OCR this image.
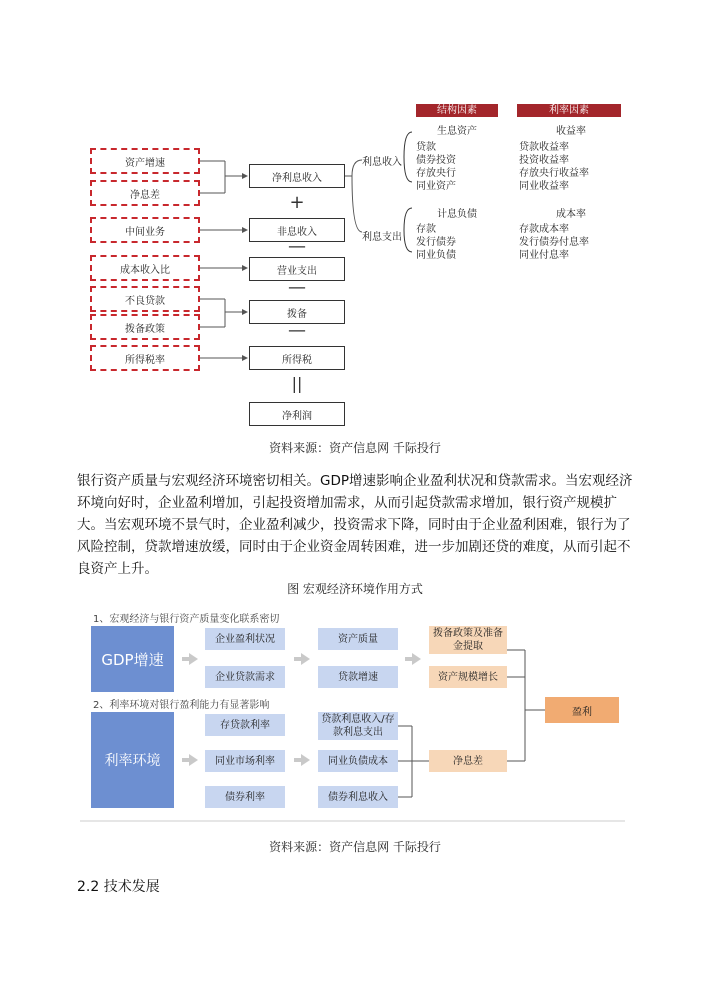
资产增速
净息差
中间业务
成本收入比
不良贷款
拨备政策
所得税率
净利息收入
非息收入
营业支出
拨备
所得税
净利润
+
—
—
—
||
利息收入
利息支出
结构因素	利率因素
生息资产
贷款
债券投资
存放央行
同业资产
收益率
贷款收益率
投资收益率
存放央行收益率
同业收益率
计息负债
存款
发行债券
同业负债
成本率
存款成本率
发行债券付息率
同业付息率
资料来源：资产信息网 千际投行
银行资产质量与宏观经济环境密切相关。GDP增速影响企业盈利状况和贷款需求。当宏观经济环境向好时，企业盈利增加，引起投资增加需求，从而引起贷款需求增加，银行资产规模扩大。当宏观环境不景气时，企业盈利减少，投资需求下降，同时由于企业盈利困难，银行为了风险控制，贷款增速放缓，同时由于企业资金周转困难，进一步加剧还贷的难度，从而引起不良资产上升。
图 宏观经济环境作用方式
1、宏观经济与银行资产质量变化联系密切
GDP增速
企业盈利状况
企业贷款需求
资产质量
贷款增速
拨备政策及准备金提取
资产规模增长
2、利率环境对银行盈利能力有显著影响
利率环境
存贷款利率
同业市场利率
债券利率
贷款利息收入/存款利息支出
同业负债成本
债券利息收入
净息差
盈利
资料来源：资产信息网 千际投行
2.2 技术发展
